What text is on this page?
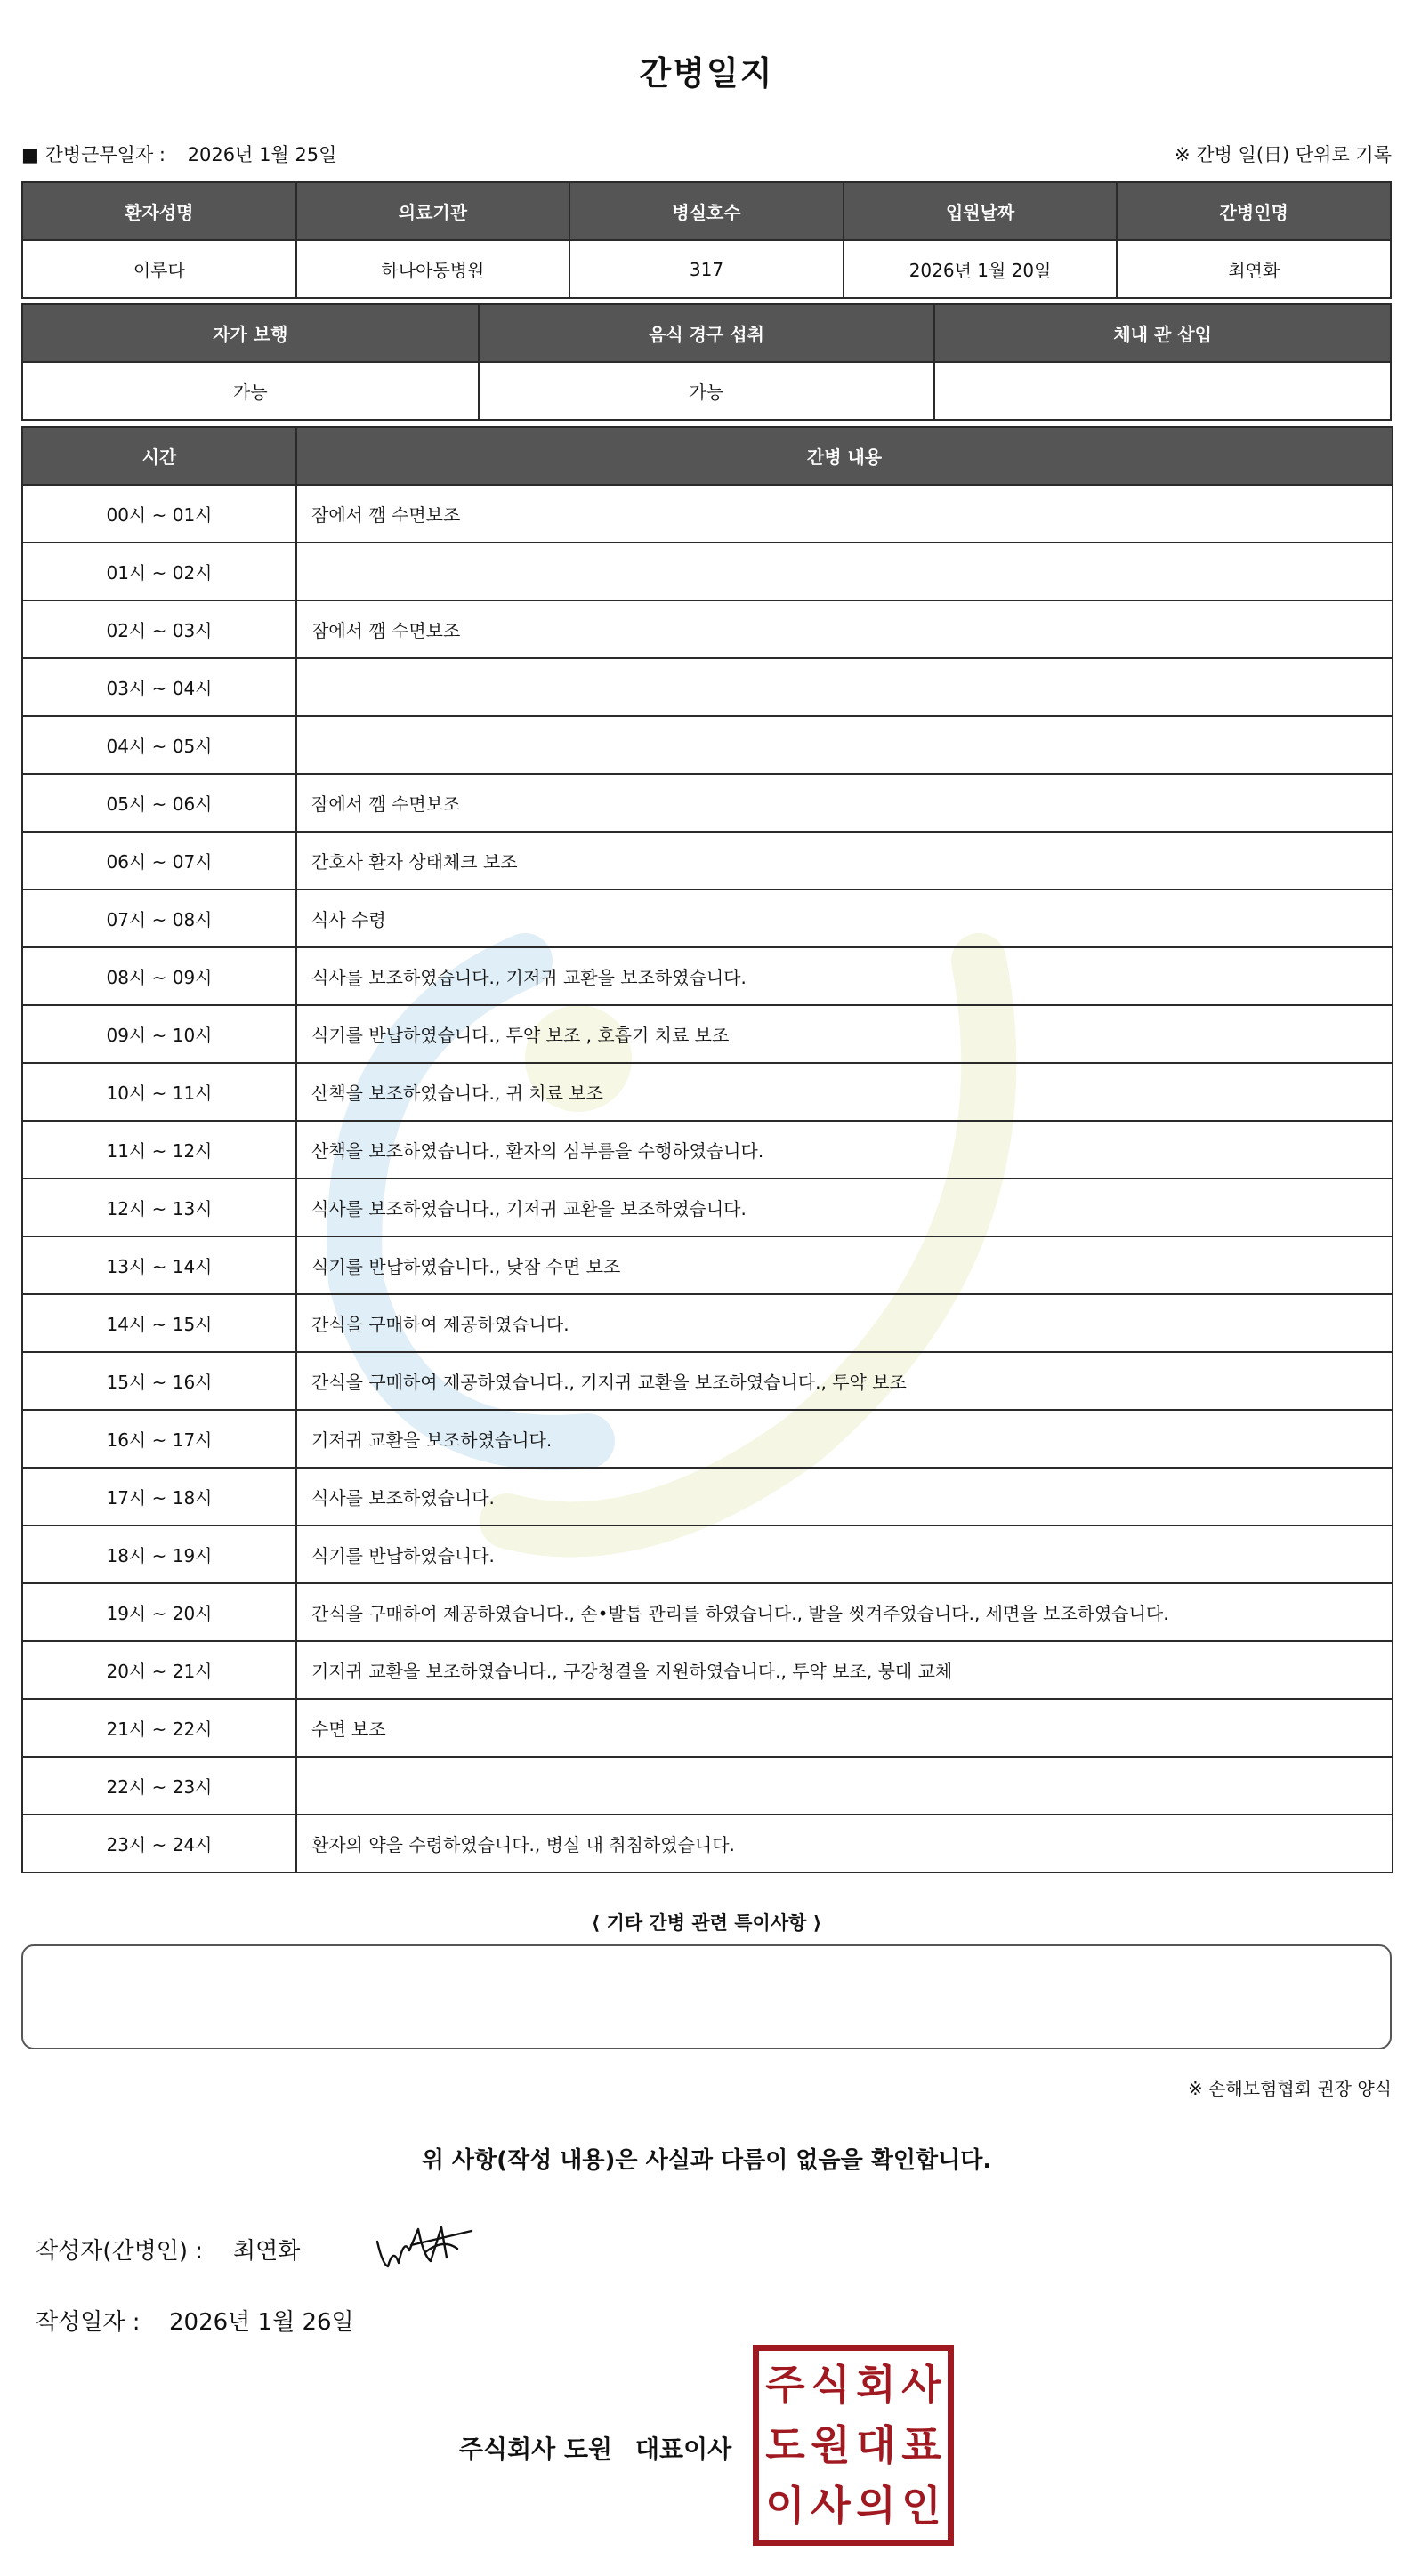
간병일지
■ 간병근무일자 : 2026년 1월 25일	※ 간병 일(日) 단위로 기록
환자성명	의료기관	병실호수	입원날짜	간병인명
이루다	하나아동병원	317	2026년 1월 20일	최연화
자가 보행	음식 경구 섭취	체내 관 삽입
가능	가능	
시간	간병 내용
00시 ~ 01시	잠에서 깸 수면보조
01시 ~ 02시	
02시 ~ 03시	잠에서 깸 수면보조
03시 ~ 04시	
04시 ~ 05시	
05시 ~ 06시	잠에서 깸 수면보조
06시 ~ 07시	간호사 환자 상태체크 보조
07시 ~ 08시	식사 수령
08시 ~ 09시	식사를 보조하였습니다., 기저귀 교환을 보조하였습니다.
09시 ~ 10시	식기를 반납하였습니다., 투약 보조 , 호흡기 치료 보조
10시 ~ 11시	산책을 보조하였습니다., 귀 치료 보조
11시 ~ 12시	산책을 보조하였습니다., 환자의 심부름을 수행하였습니다.
12시 ~ 13시	식사를 보조하였습니다., 기저귀 교환을 보조하였습니다.
13시 ~ 14시	식기를 반납하였습니다., 낮잠 수면 보조
14시 ~ 15시	간식을 구매하여 제공하였습니다.
15시 ~ 16시	간식을 구매하여 제공하였습니다., 기저귀 교환을 보조하였습니다., 투약 보조
16시 ~ 17시	기저귀 교환을 보조하였습니다.
17시 ~ 18시	식사를 보조하였습니다.
18시 ~ 19시	식기를 반납하였습니다.
19시 ~ 20시	간식을 구매하여 제공하였습니다., 손•발톱 관리를 하였습니다., 발을 씻겨주었습니다., 세면을 보조하였습니다.
20시 ~ 21시	기저귀 교환을 보조하였습니다., 구강청결을 지원하였습니다., 투약 보조, 붕대 교체
21시 ~ 22시	수면 보조
22시 ~ 23시	
23시 ~ 24시	환자의 약을 수령하였습니다., 병실 내 취침하였습니다.
⟨ 기타 간병 관련 특이사항 ⟩
※ 손해보험협회 권장 양식
위 사항(작성 내용)은 사실과 다름이 없음을 확인합니다.
작성자(간병인) : 최연화
작성일자 : 2026년 1월 26일
주식회사 도원 대표이사
주 식 회 사
도 원 대 표
이 사 의 인
